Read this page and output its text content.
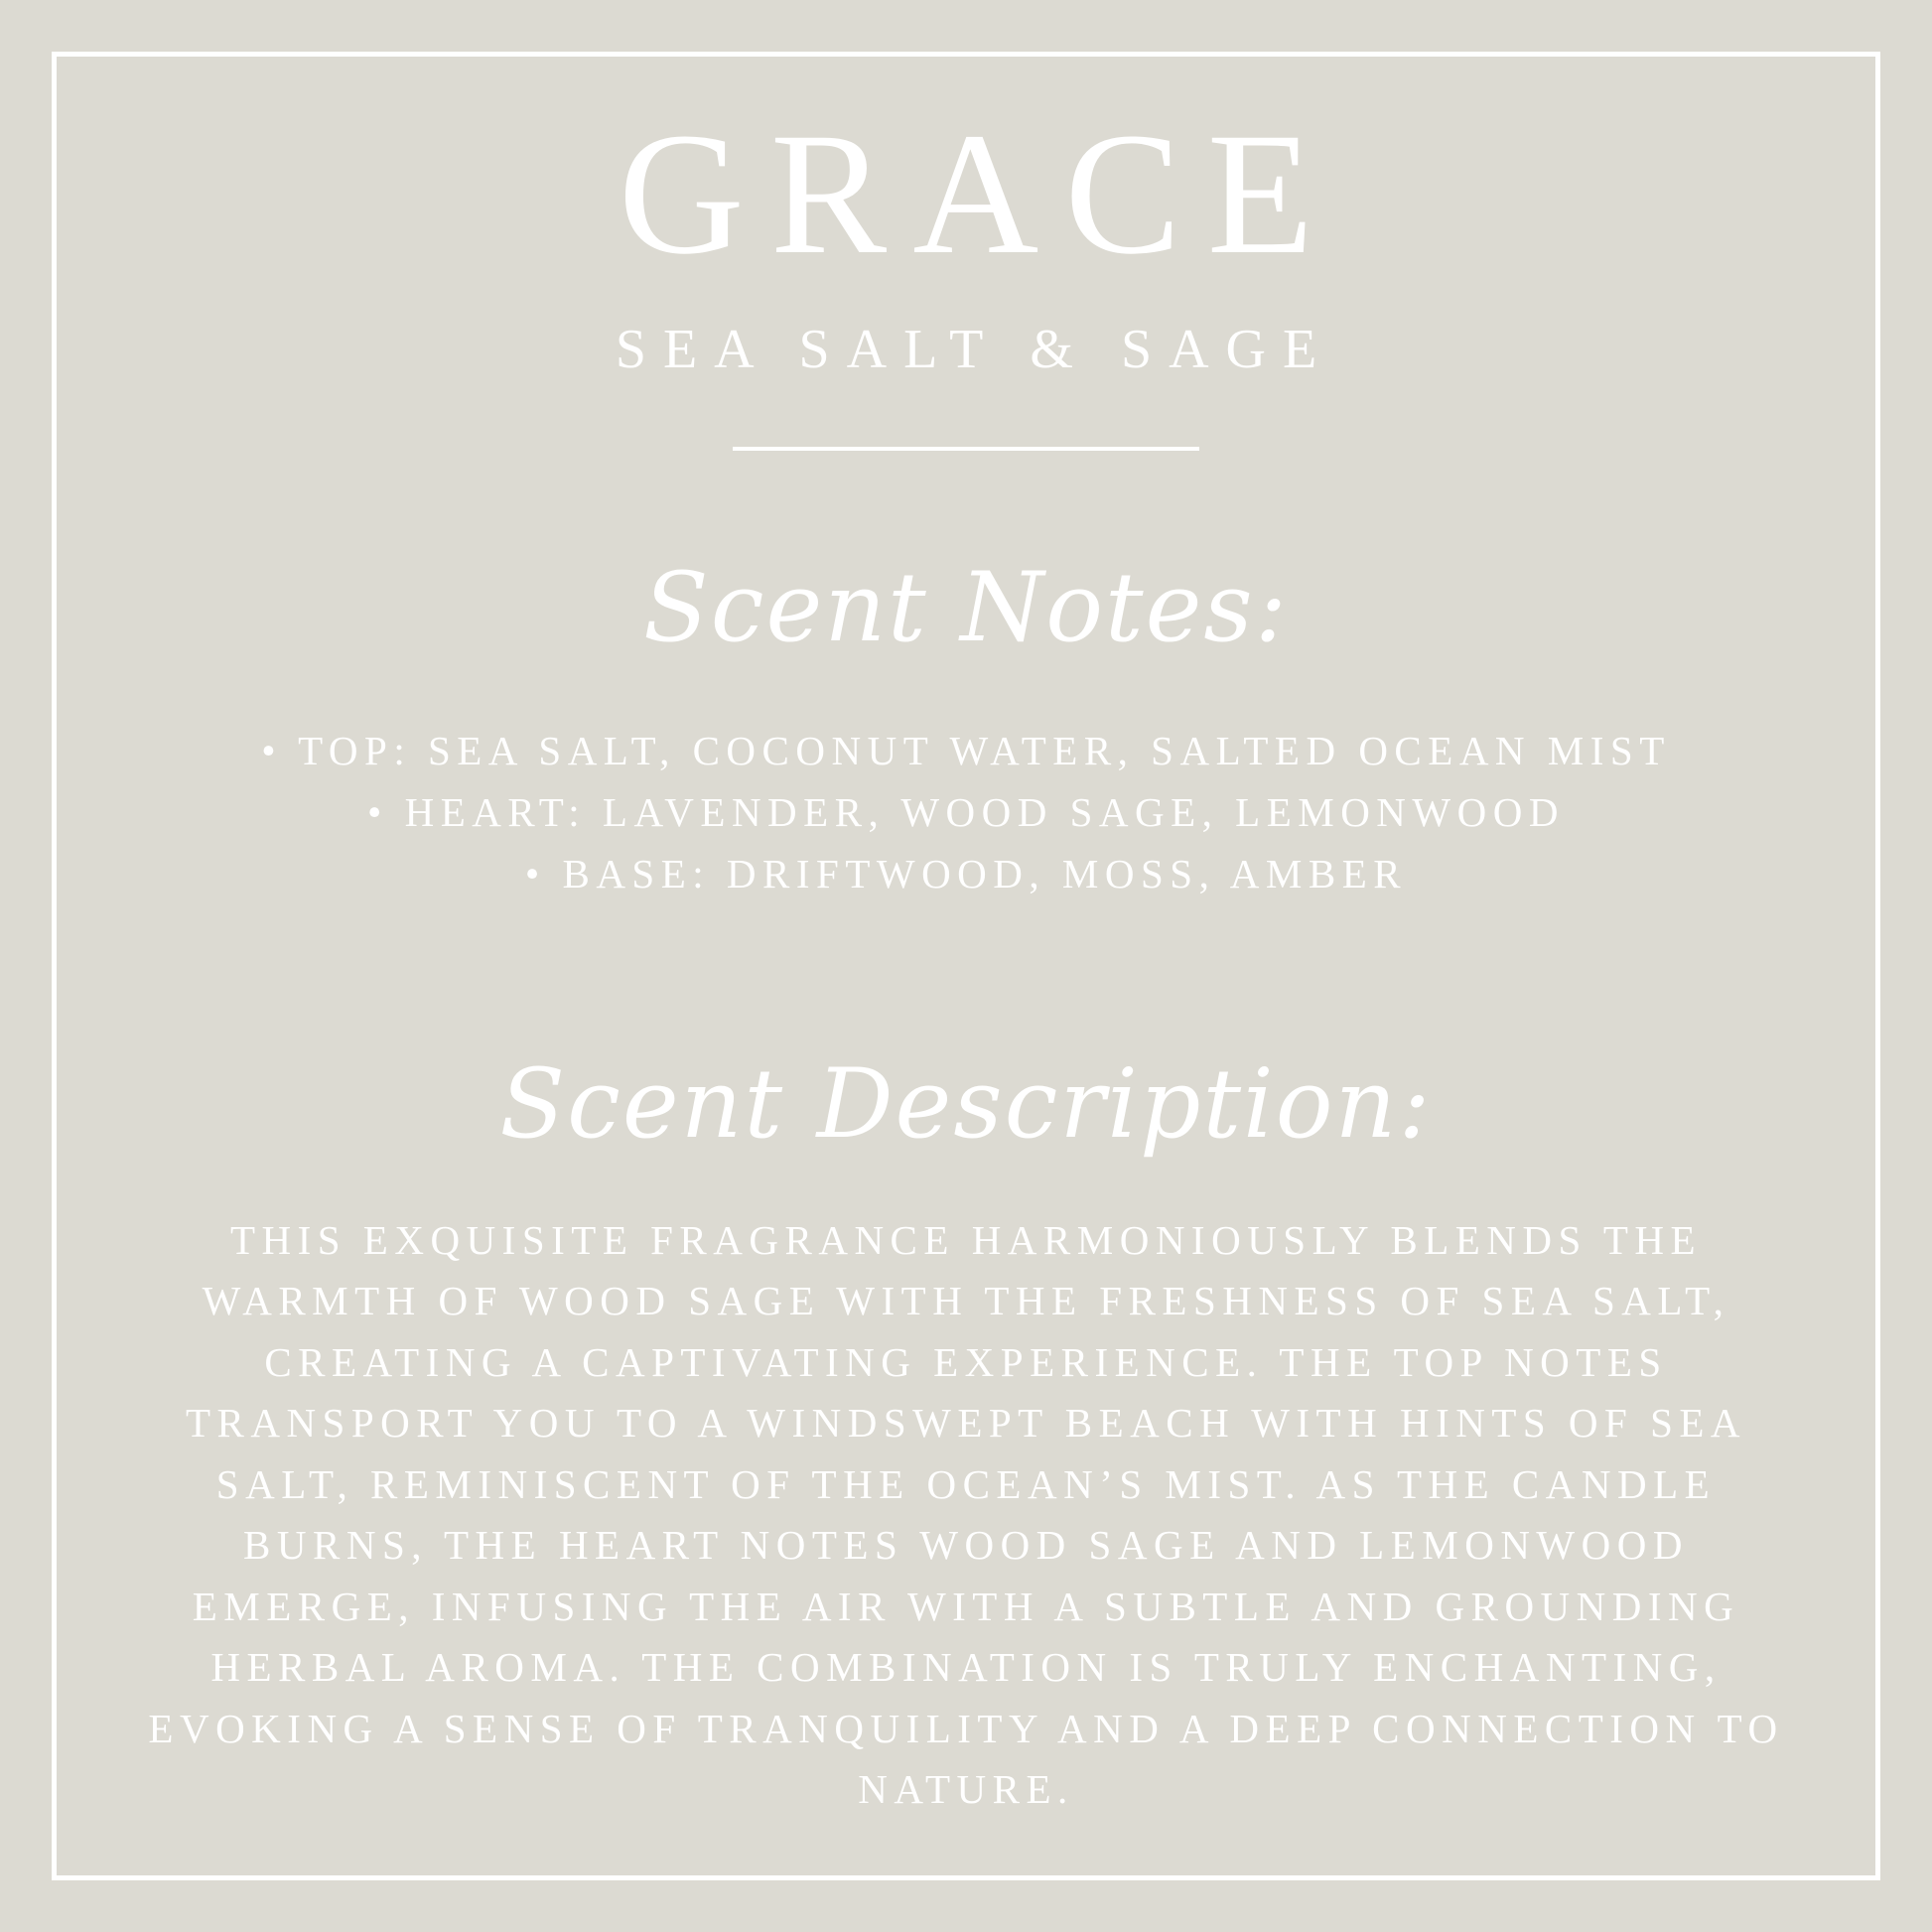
GRACE
SEA SALT & SAGE
Scent Notes:
• TOP: SEA SALT, COCONUT WATER, SALTED OCEAN MIST
• HEART: LAVENDER, WOOD SAGE, LEMONWOOD
• BASE: DRIFTWOOD, MOSS, AMBER
Scent Description:

THIS EXQUISITE FRAGRANCE HARMONIOUSLY BLENDS THE WARMTH OF WOOD SAGE WITH THE FRESHNESS OF SEA SALT, CREATING A CAPTIVATING EXPERIENCE. THE TOP NOTES TRANSPORT YOU TO A WINDSWEPT BEACH WITH HINTS OF SEA SALT, REMINISCENT OF THE OCEAN’S MIST. AS THE CANDLE BURNS, THE HEART NOTES WOOD SAGE AND LEMONWOOD EMERGE, INFUSING THE AIR WITH A SUBTLE AND GROUNDING HERBAL AROMA. THE COMBINATION IS TRULY ENCHANTING, EVOKING A SENSE OF TRANQUILITY AND A DEEP CONNECTION TO NATURE.
